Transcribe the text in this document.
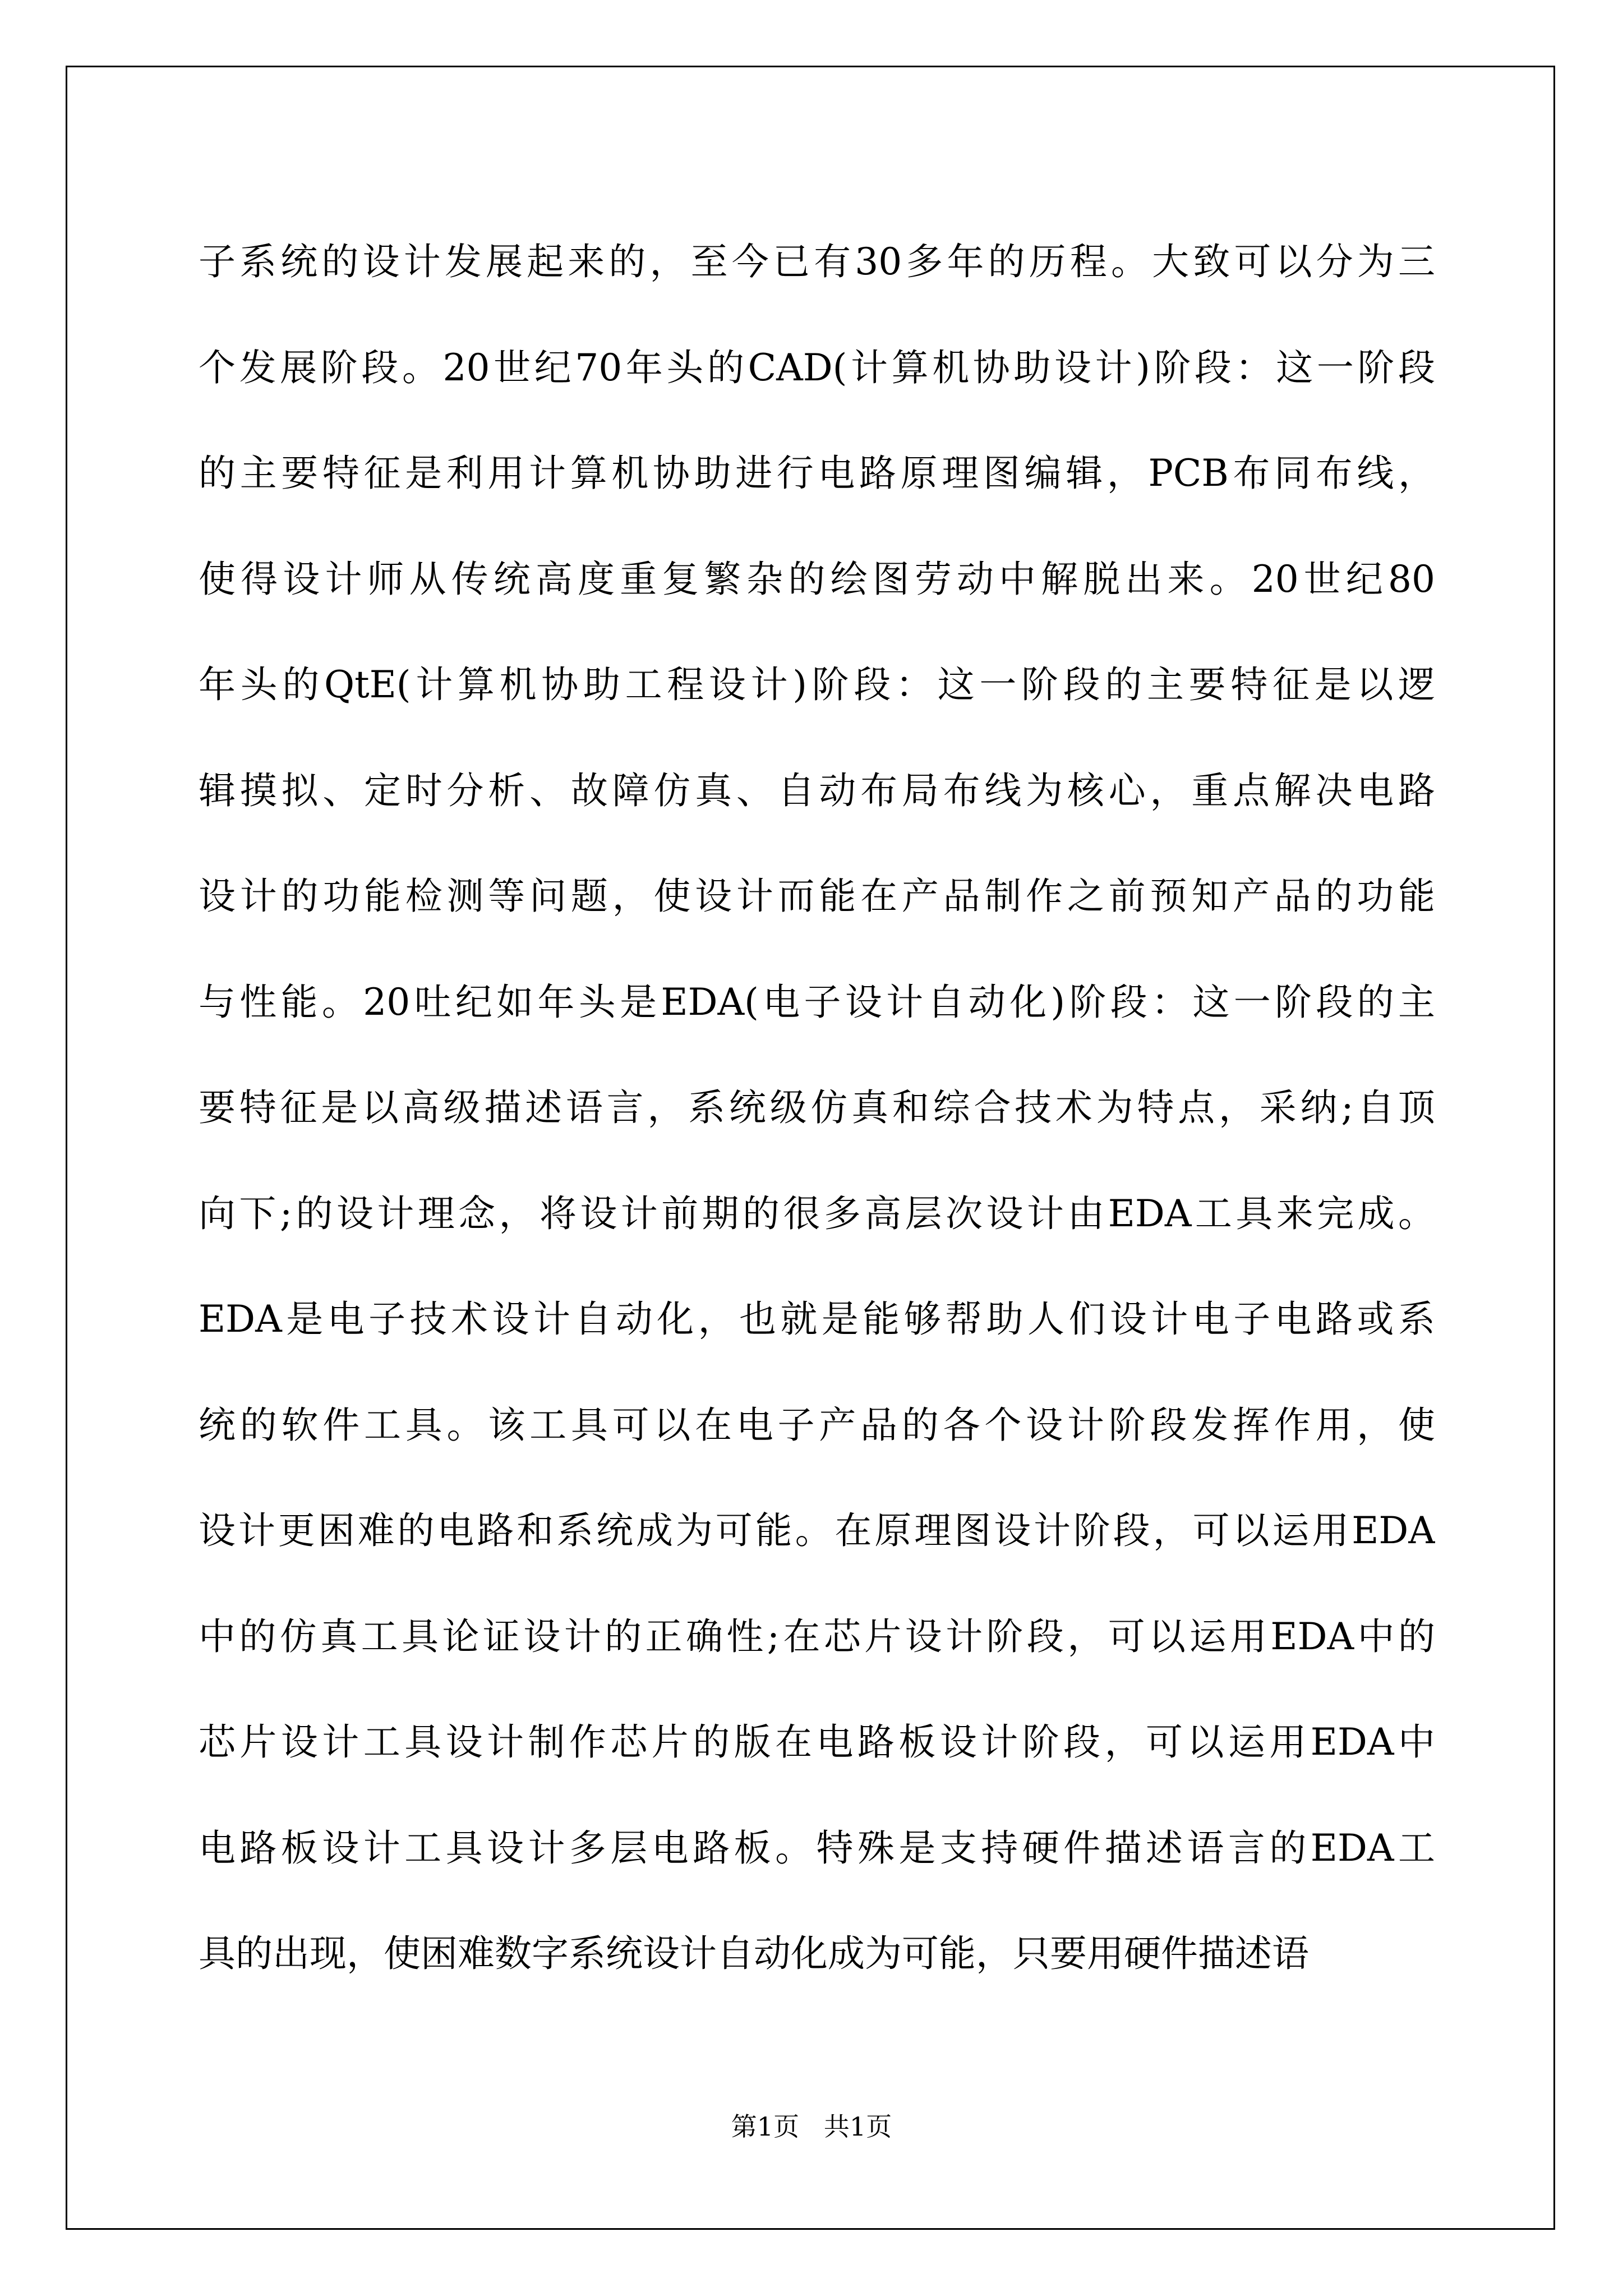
子系统的设计发展起来的，至今已有30多年的历程。大致可以分为三
个发展阶段。20世纪70年头的CAD(计算机协助设计)阶段：这一阶段
的主要特征是利用计算机协助进行电路原理图编辑，PCB布同布线，
使得设计师从传统高度重复繁杂的绘图劳动中解脱出来。20世纪80
年头的QtE(计算机协助工程设计)阶段：这一阶段的主要特征是以逻
辑摸拟、定时分析、故障仿真、自动布局布线为核心，重点解决电路
设计的功能检测等问题，使设计而能在产品制作之前预知产品的功能
与性能。20吐纪如年头是EDA(电子设计自动化)阶段：这一阶段的主
要特征是以高级描述语言，系统级仿真和综合技术为特点，采纳;自顶
向下;的设计理念，将设计前期的很多高层次设计由EDA工具来完成。
EDA是电子技术设计自动化，也就是能够帮助人们设计电子电路或系
统的软件工具。该工具可以在电子产品的各个设计阶段发挥作用，使
设计更困难的电路和系统成为可能。在原理图设计阶段，可以运用EDA
中的仿真工具论证设计的正确性;在芯片设计阶段，可以运用EDA中的
芯片设计工具设计制作芯片的版在电路板设计阶段，可以运用EDA中
电路板设计工具设计多层电路板。特殊是支持硬件描述语言的EDA工
具的出现，使困难数字系统设计自动化成为可能，只要用硬件描述语
第1页   共1页
